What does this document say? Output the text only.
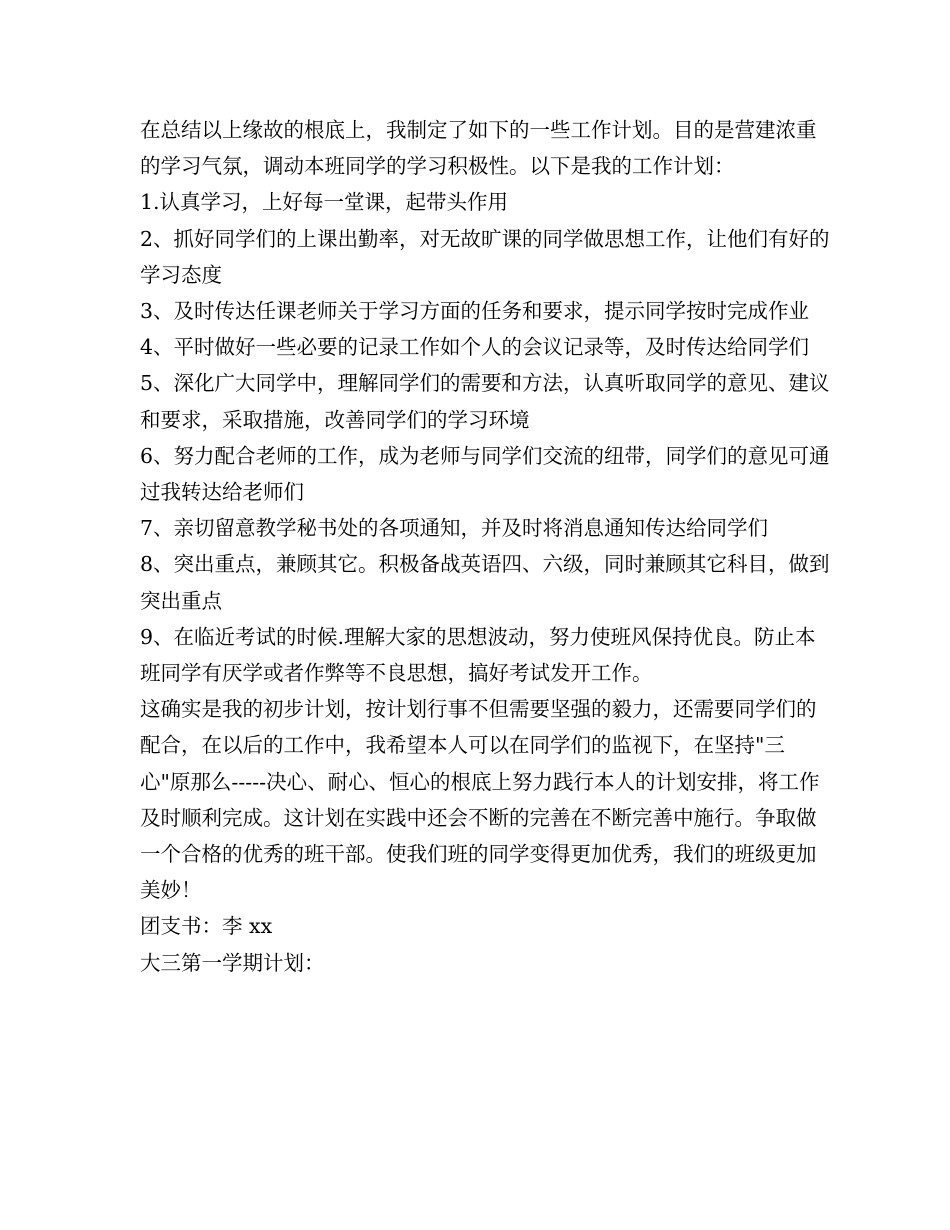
在总结以上缘故的根底上，我制定了如下的一些工作计划。目的是营建浓重的学习气氛，调动本班同学的学习积极性。以下是我的工作计划：

1.认真学习，上好每一堂课，起带头作用

2、抓好同学们的上课出勤率，对无故旷课的同学做思想工作，让他们有好的学习态度

3、及时传达任课老师关于学习方面的任务和要求，提示同学按时完成作业

4、平时做好一些必要的记录工作如个人的会议记录等，及时传达给同学们

5、深化广大同学中，理解同学们的需要和方法，认真听取同学的意见、建议和要求，采取措施，改善同学们的学习环境

6、努力配合老师的工作，成为老师与同学们交流的纽带，同学们的意见可通过我转达给老师们

7、亲切留意教学秘书处的各项通知，并及时将消息通知传达给同学们

8、突出重点，兼顾其它。积极备战英语四、六级，同时兼顾其它科目，做到突出重点

9、在临近考试的时候.理解大家的思想波动，努力使班风保持优良。防止本班同学有厌学或者作弊等不良思想，搞好考试发开工作。

这确实是我的初步计划，按计划行事不但需要坚强的毅力，还需要同学们的配合，在以后的工作中，我希望本人可以在同学们的监视下，在坚持"三心"原那么-----决心、耐心、恒心的根底上努力践行本人的计划安排，将工作及时顺利完成。这计划在实践中还会不断的完善在不断完善中施行。争取做一个合格的优秀的班干部。使我们班的同学变得更加优秀，我们的班级更加美妙！

团支书：李 xx

大三第一学期计划：
